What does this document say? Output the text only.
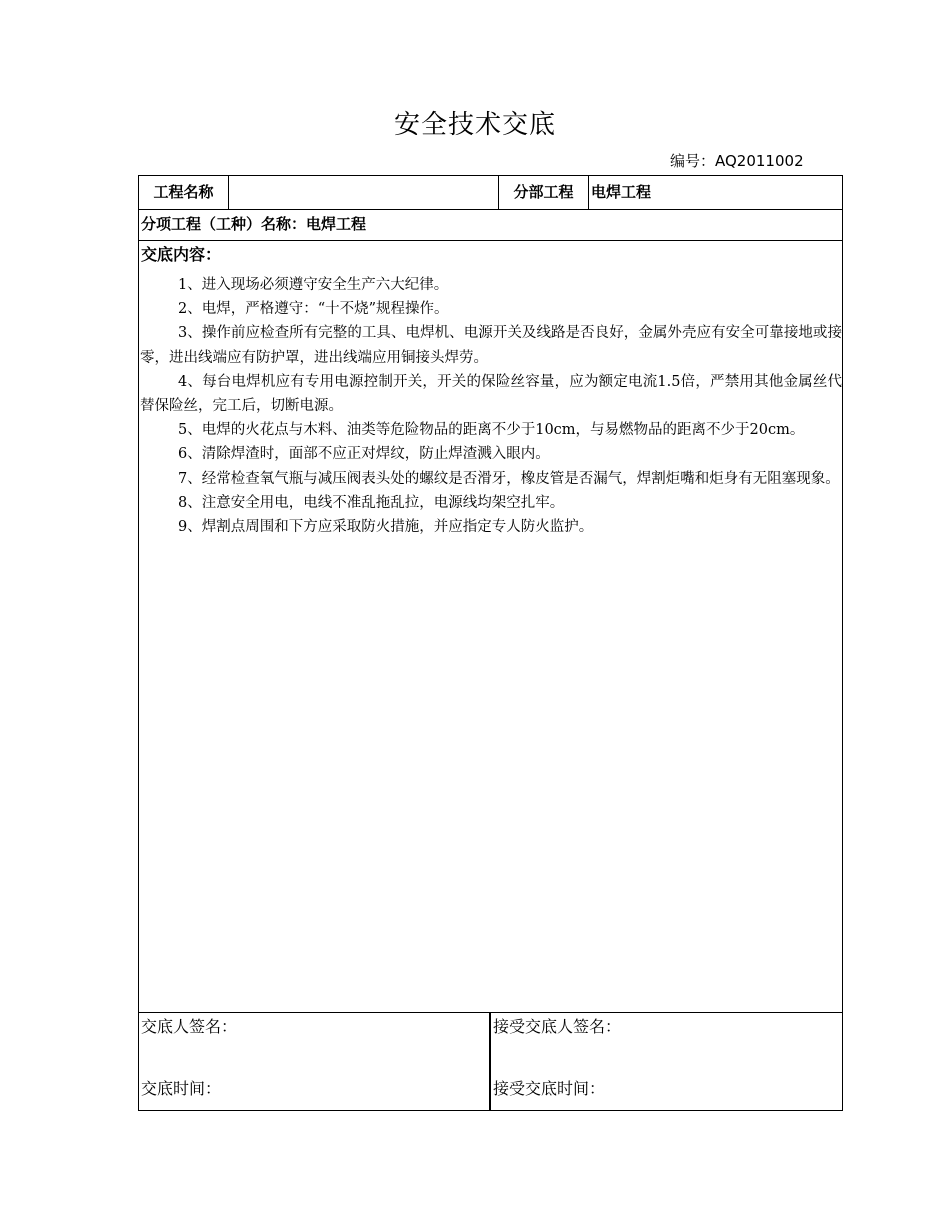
安全技术交底
编号：AQ2011002
工程名称	分部工程	电焊工程
分项工程（工种）名称：电焊工程
交底内容：

1、进入现场必须遵守安全生产六大纪律。

2、电焊，严格遵守：“十不烧”规程操作。

3、操作前应检查所有完整的工具、电焊机、电源开关及线路是否良好，金属外壳应有安全可靠接地或接零，进出线端应有防护罩，进出线端应用铜接头焊劳。

4、每台电焊机应有专用电源控制开关，开关的保险丝容量，应为额定电流1.5倍，严禁用其他金属丝代替保险丝，完工后，切断电源。

5、电焊的火花点与木料、油类等危险物品的距离不少于10cm，与易燃物品的距离不少于20cm。

6、清除焊渣时，面部不应正对焊纹，防止焊渣溅入眼内。

7、经常检查氧气瓶与减压阀表头处的螺纹是否滑牙，橡皮管是否漏气，焊割炬嘴和炬身有无阻塞现象。

8、注意安全用电，电线不准乱拖乱拉，电源线均架空扎牢。

9、焊割点周围和下方应采取防火措施，并应指定专人防火监护。

交底人签名：
交底时间：
接受交底人签名：
接受交底时间：
